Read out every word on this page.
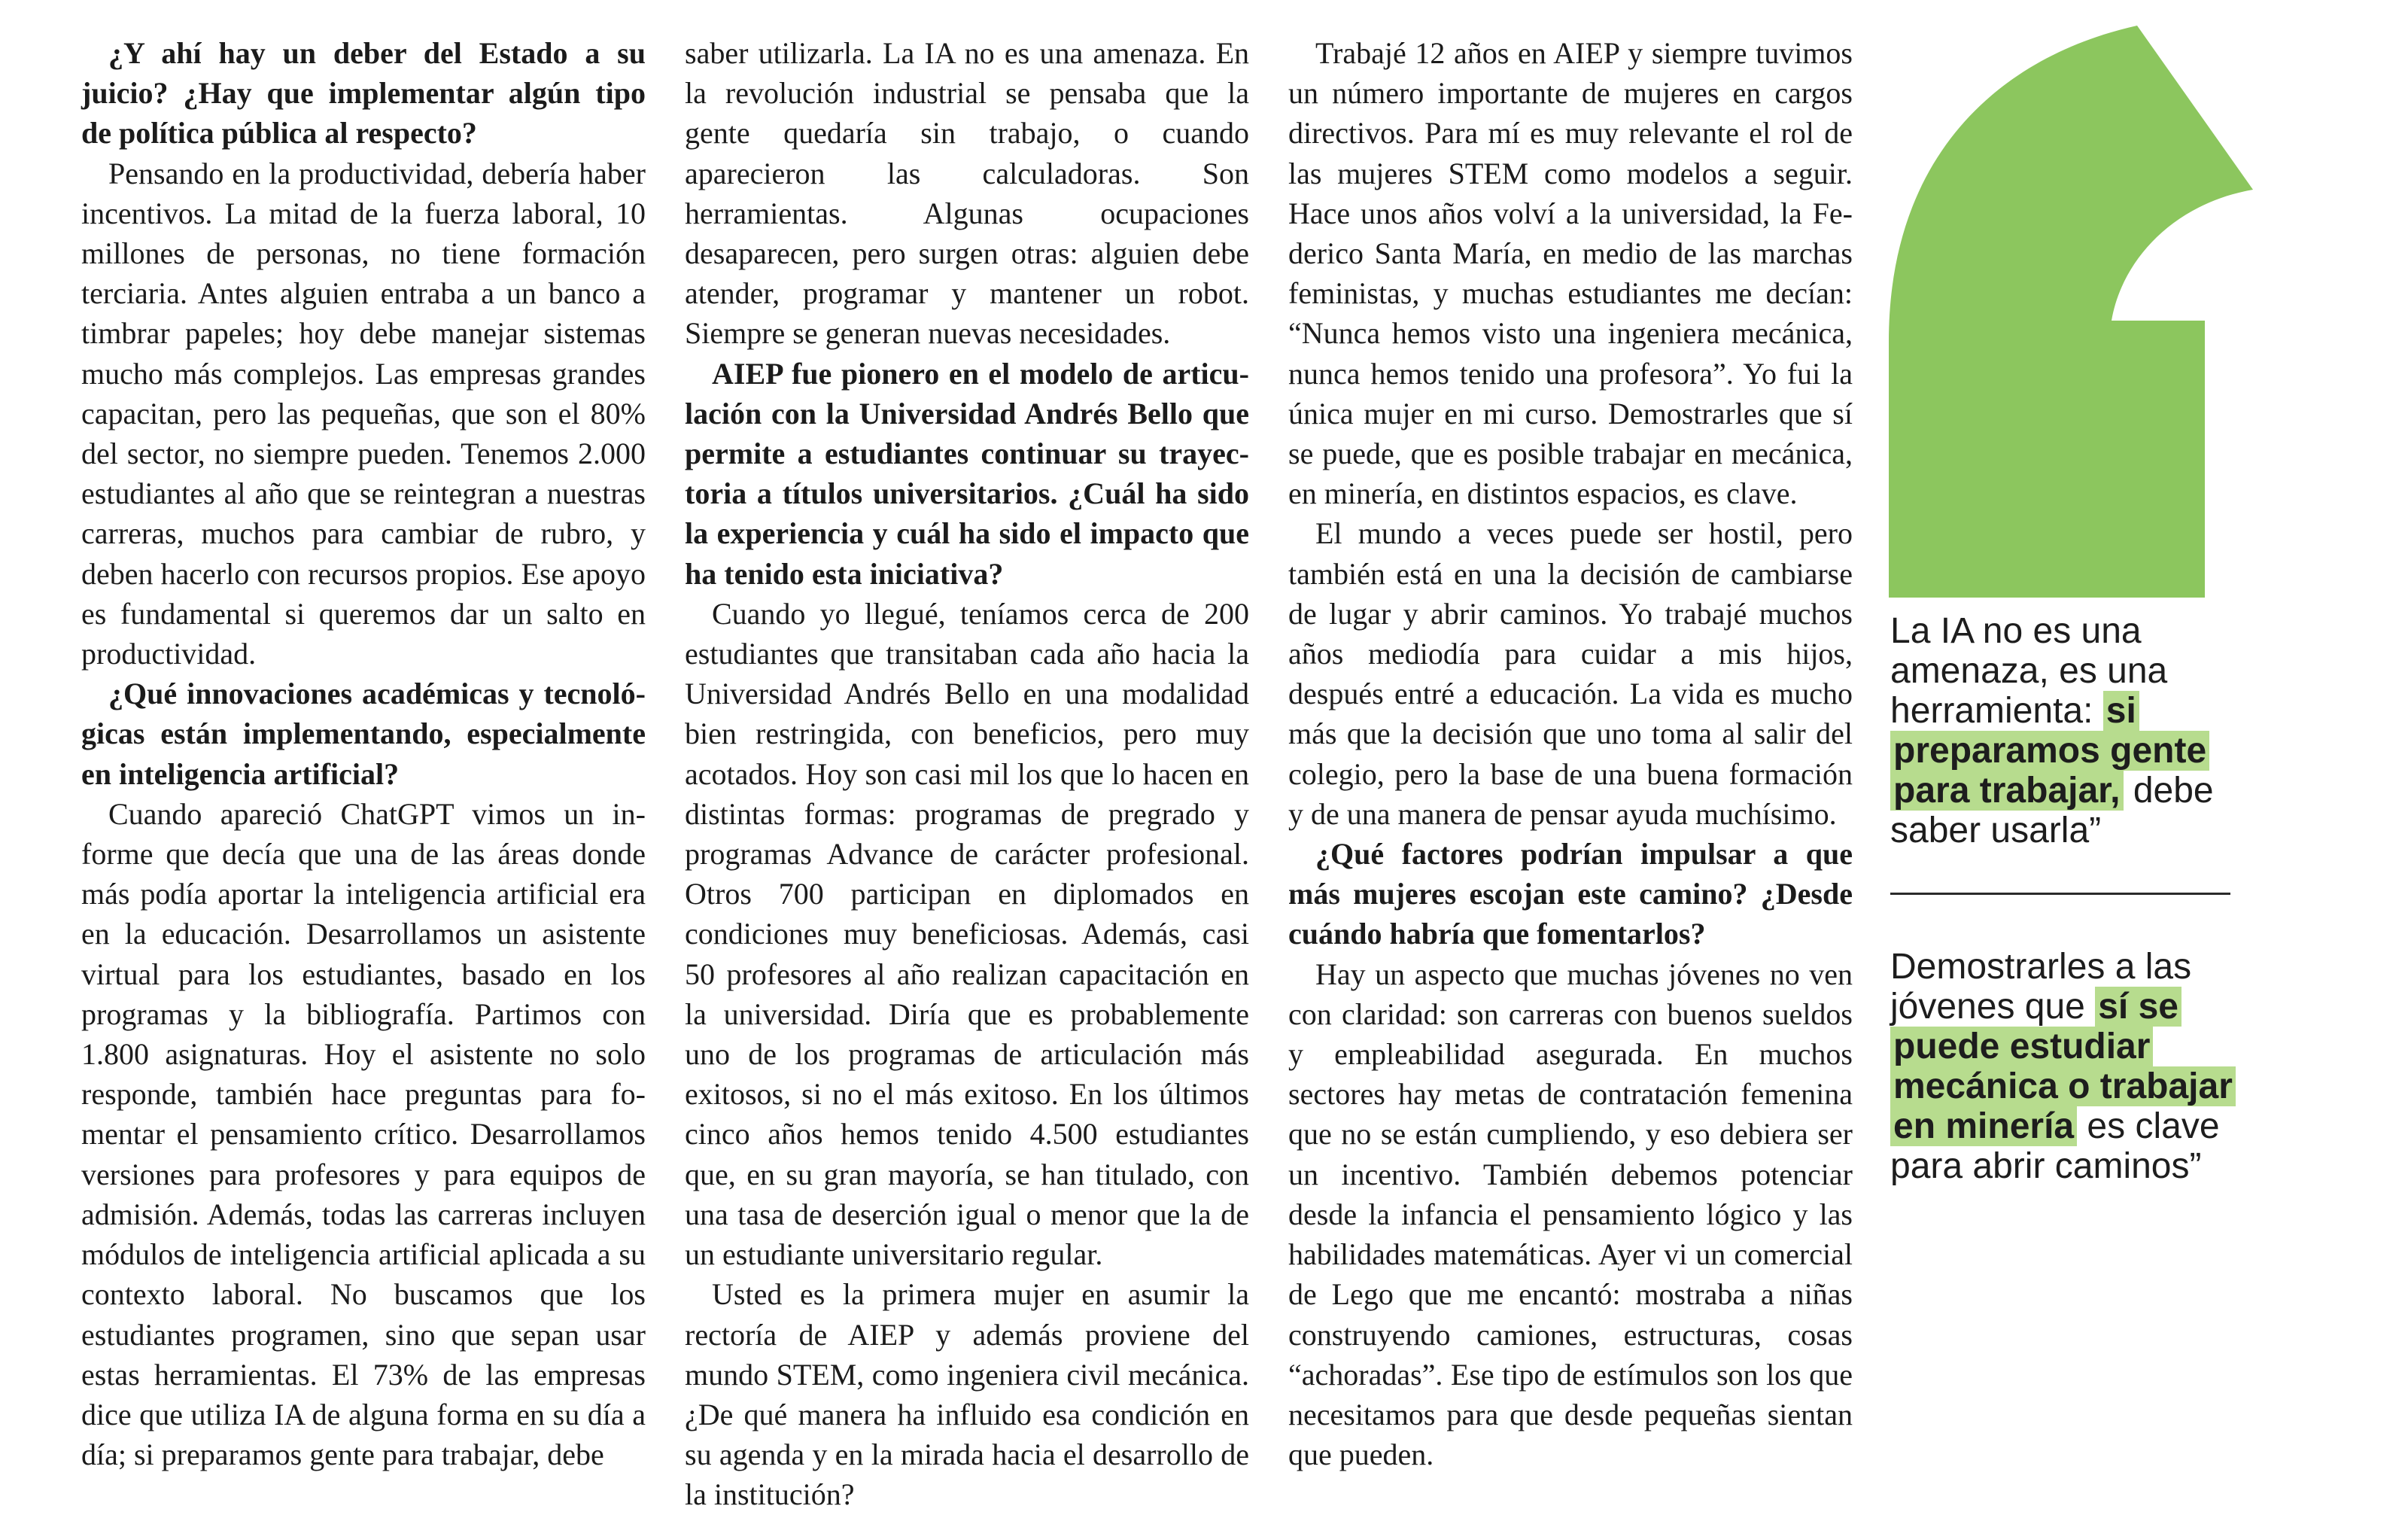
¿Y ahí hay un deber del Estado a su juicio? ¿Hay que implementar algún tipo de política pública al respecto?

Pensando en la productividad, debería haber incentivos. La mitad de la fuerza laboral, 10 millones de personas, no tiene formación terciaria. Antes alguien entraba a un banco a timbrar papeles; hoy debe manejar sistemas mucho más complejos. Las empresas grandes capacitan, pero las pequeñas, que son el 80% del sector, no siempre pueden. Tenemos 2.000 estudiantes al año que se reintegran a nuestras carreras, muchos para cambiar de rubro, y deben hacerlo con recursos propios. Ese apoyo es fundamental si queremos dar un salto en productividad.

¿Qué innovaciones académicas y tecnológicas están implementando, especialmente en inteligencia artificial?

Cuando apareció ChatGPT vimos un informe que decía que una de las áreas donde más podía aportar la inteligencia artificial era en la educación. Desarrollamos un asistente virtual para los estudiantes, basado en los programas y la bibliografía. Partimos con 1.800 asignaturas. Hoy el asistente no solo responde, también hace preguntas para fomentar el pensamiento crítico. Desarrollamos versiones para profesores y para equipos de admisión. Además, todas las carreras incluyen módulos de inteligencia artificial aplicada a su contexto laboral. No buscamos que los estudiantes programen, sino que sepan usar estas herramientas. El 73% de las empresas dice que utiliza IA de alguna forma en su día a día; si preparamos gente para trabajar, debe

saber utilizarla. La IA no es una amenaza. En la revolución industrial se pensaba que la gente quedaría sin trabajo, o cuando aparecieron las calculadoras. Son herramientas. Algunas ocupaciones desaparecen, pero surgen otras: alguien debe atender, programar y mantener un robot. Siempre se generan nuevas necesidades.

AIEP fue pionero en el modelo de articulación con la Universidad Andrés Bello que permite a estudiantes continuar su trayectoria a títulos universitarios. ¿Cuál ha sido la experiencia y cuál ha sido el impacto que ha tenido esta iniciativa?

Cuando yo llegué, teníamos cerca de 200 estudiantes que transitaban cada año hacia la Universidad Andrés Bello en una modalidad bien restringida, con beneficios, pero muy acotados. Hoy son casi mil los que lo hacen en distintas formas: programas de pregrado y programas Advance de carácter profesional. Otros 700 participan en diplomados en condiciones muy beneficiosas. Además, casi 50 profesores al año realizan capacitación en la universidad. Diría que es probablemente uno de los programas de articulación más exitosos, si no el más exitoso. En los últimos cinco años hemos tenido 4.500 estudiantes que, en su gran mayoría, se han titulado, con una tasa de deserción igual o menor que la de un estudiante universitario regular.

Usted es la primera mujer en asumir la rectoría de AIEP y además proviene del mundo STEM, como ingeniera civil mecánica. ¿De qué manera ha influido esa condición en su agenda y en la mirada hacia el desarrollo de la institución?

Trabajé 12 años en AIEP y siempre tuvimos un número importante de mujeres en cargos directivos. Para mí es muy relevante el rol de las mujeres STEM como modelos a seguir. Hace unos años volví a la universidad, la Federico Santa María, en medio de las marchas feministas, y muchas estudiantes me decían: “Nunca hemos visto una ingeniera mecánica, nunca hemos tenido una profesora”. Yo fui la única mujer en mi curso. Demostrarles que sí se puede, que es posible trabajar en mecánica, en minería, en distintos espacios, es clave.

El mundo a veces puede ser hostil, pero también está en una la decisión de cambiarse de lugar y abrir caminos. Yo trabajé muchos años mediodía para cuidar a mis hijos, después entré a educación. La vida es mucho más que la decisión que uno toma al salir del colegio, pero la base de una buena formación y de una manera de pensar ayuda muchísimo.

¿Qué factores podrían impulsar a que más mujeres escojan este camino? ¿Desde cuándo habría que fomentarlos?

Hay un aspecto que muchas jóvenes no ven con claridad: son carreras con buenos sueldos y empleabilidad asegurada. En muchos sectores hay metas de contratación femenina que no se están cumpliendo, y eso debiera ser un incentivo. También debemos potenciar desde la infancia el pensamiento lógico y las habilidades matemáticas. Ayer vi un comercial de Lego que me encantó: mostraba a niñas construyendo camiones, estructuras, cosas “achoradas”. Ese tipo de estímulos son los que necesitamos para que desde pequeñas sientan que pueden.

La IA no es una amenaza, es una herramienta: si preparamos gente para trabajar, debe saber usarla”
Demostrarles a las jóvenes que sí se puede estudiar mecánica o trabajar en minería es clave para abrir caminos”
